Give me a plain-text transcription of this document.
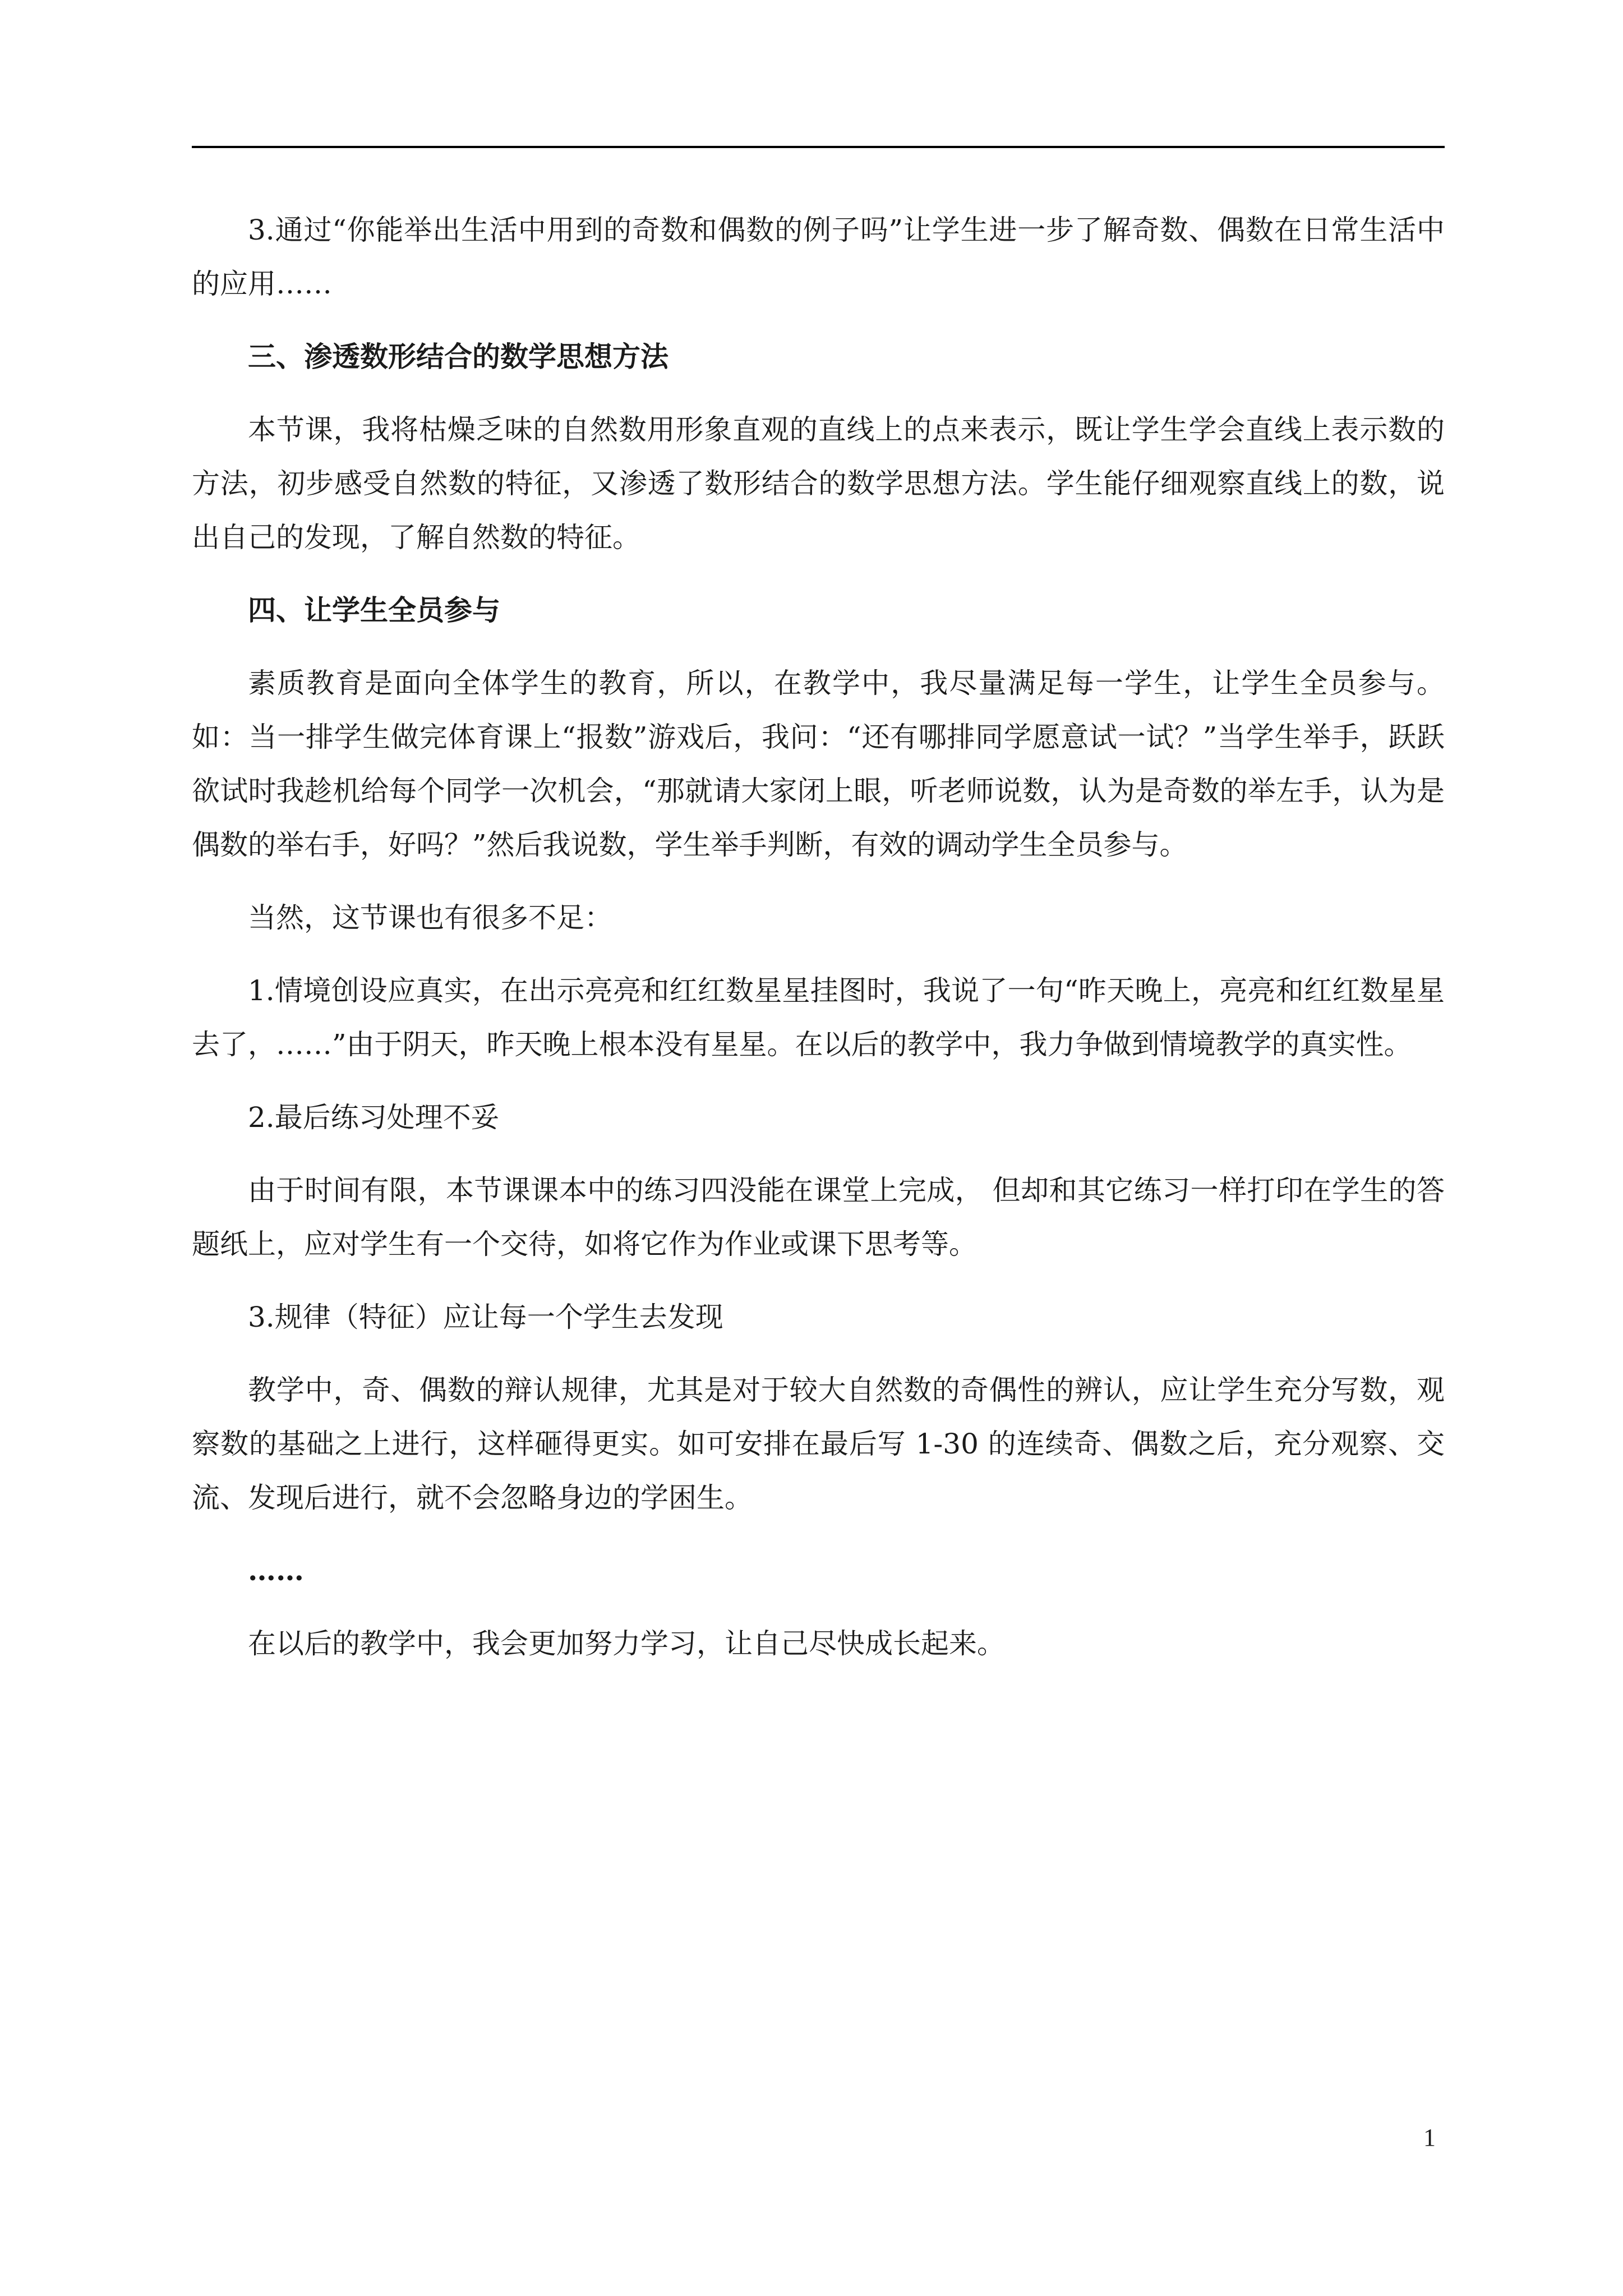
3.通过“你能举出生活中用到的奇数和偶数的例子吗”让学生进一步了解奇数、偶数在日常生活中的应用……

三、渗透数形结合的数学思想方法

本节课，我将枯燥乏味的自然数用形象直观的直线上的点来表示，既让学生学会直线上表示数的方法，初步感受自然数的特征，又渗透了数形结合的数学思想方法。学生能仔细观察直线上的数，说出自己的发现，了解自然数的特征。

四、让学生全员参与

素质教育是面向全体学生的教育，所以，在教学中，我尽量满足每一学生，让学生全员参与。如：当一排学生做完体育课上“报数”游戏后，我问：“还有哪排同学愿意试一试？”当学生举手，跃跃欲试时我趁机给每个同学一次机会，“那就请大家闭上眼，听老师说数，认为是奇数的举左手，认为是偶数的举右手，好吗？”然后我说数，学生举手判断，有效的调动学生全员参与。

当然，这节课也有很多不足：

1.情境创设应真实，在出示亮亮和红红数星星挂图时，我说了一句“昨天晚上，亮亮和红红数星星去了，……”由于阴天，昨天晚上根本没有星星。在以后的教学中，我力争做到情境教学的真实性。

2.最后练习处理不妥

由于时间有限，本节课课本中的练习四没能在课堂上完成， 但却和其它练习一样打印在学生的答题纸上，应对学生有一个交待，如将它作为作业或课下思考等。

3.规律（特征）应让每一个学生去发现

教学中，奇、偶数的辩认规律，尤其是对于较大自然数的奇偶性的辨认，应让学生充分写数，观察数的基础之上进行，这样砸得更实。如可安排在最后写 1-30 的连续奇、偶数之后，充分观察、交流、发现后进行，就不会忽略身边的学困生。

……

在以后的教学中，我会更加努力学习，让自己尽快成长起来。

1
